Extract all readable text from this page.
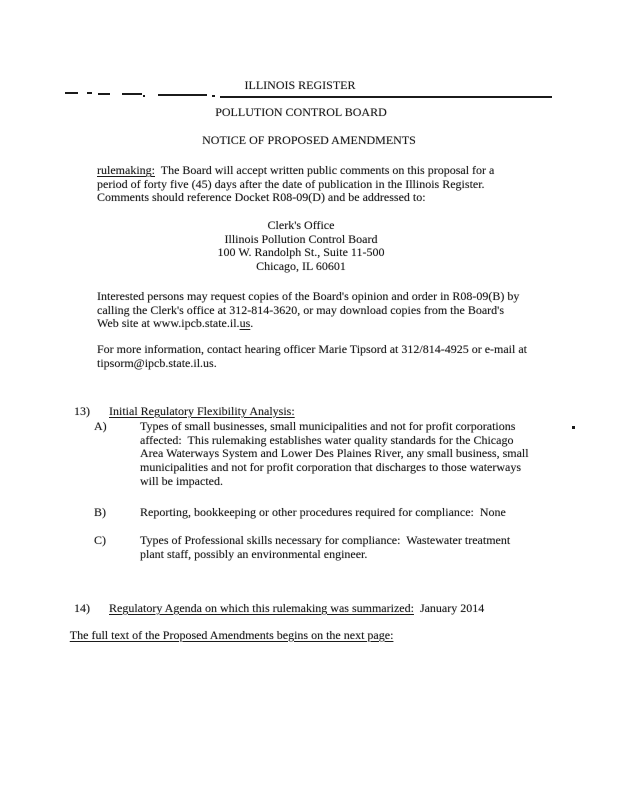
ILLINOIS REGISTER
POLLUTION CONTROL BOARD
NOTICE OF PROPOSED AMENDMENTS
rulemaking:  The Board will accept written public comments on this proposal for a
period of forty five (45) days after the date of publication in the Illinois Register.
Comments should reference Docket R08-09(D) and be addressed to:
Clerk's Office
Illinois Pollution Control Board
100 W. Randolph St., Suite 11-500
Chicago, IL 60601
Interested persons may request copies of the Board's opinion and order in R08-09(B) by
calling the Clerk's office at 312-814-3620, or may download copies from the Board's
Web site at www.ipcb.state.il.us.
For more information, contact hearing officer Marie Tipsord at 312/814-4925 or e-mail at
tipsorm@ipcb.state.il.us.

13) Initial Regulatory Flexibility Analysis:

A)	Types of small businesses, small municipalities and not for profit corporations
affected:  This rulemaking establishes water quality standards for the Chicago
Area Waterways System and Lower Des Plaines River, any small business, small
municipalities and not for profit corporation that discharges to those waterways
will be impacted.
B)	Reporting, bookkeeping or other procedures required for compliance:  None
C)	Types of Professional skills necessary for compliance:  Wastewater treatment
plant staff, possibly an environmental engineer.

14) Regulatory Agenda on which this rulemaking was summarized:  January 2014

The full text of the Proposed Amendments begins on the next page:
